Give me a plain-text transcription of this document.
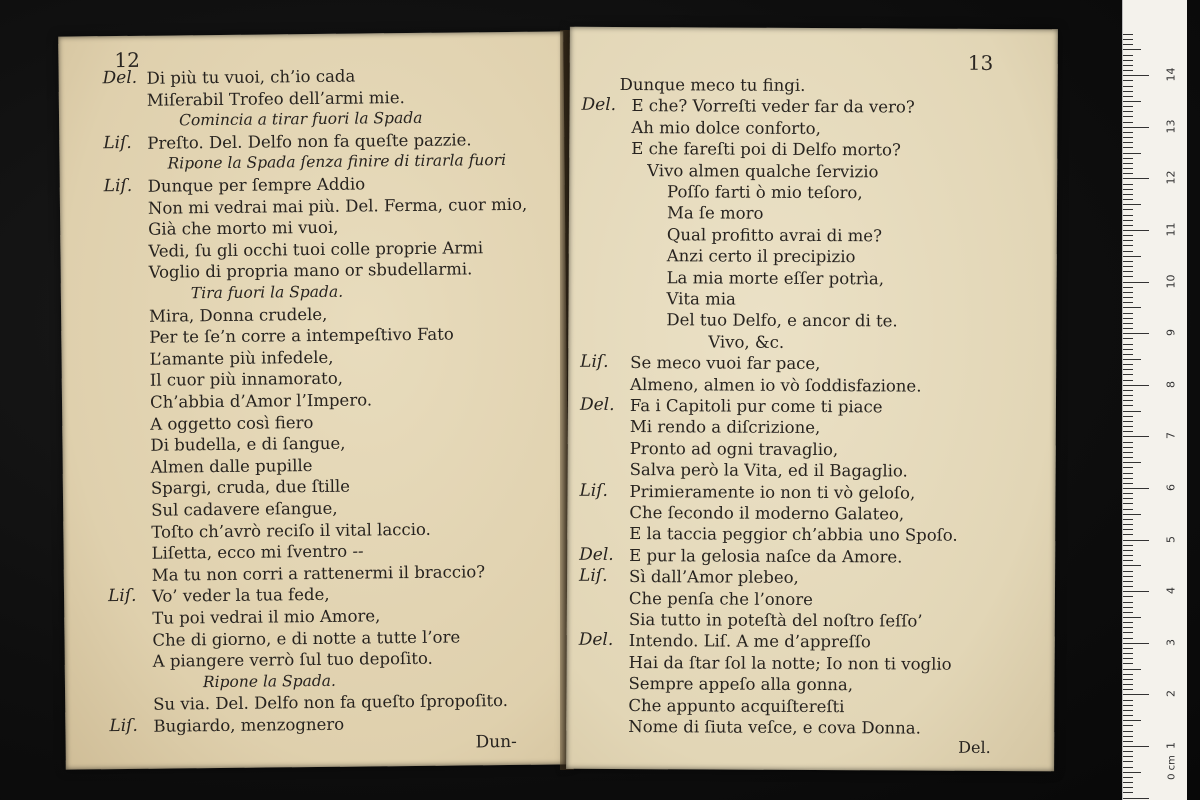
12
Del. Di più tu vuoi, ch’io cada
Miſerabil Trofeo dell’armi mie.
Comincia a tirar fuori la Spada
Liſ. Preſto. Del. Delfo non fa queſte pazzie.
Ripone la Spada ſenza finire di tirarla fuori
Liſ. Dunque per ſempre Addio
Non mi vedrai mai più. Del. Ferma, cuor mio,
Già che morto mi vuoi,
Vedi, ſu gli occhi tuoi colle proprie Armi
Voglio di propria mano or sbudellarmi.
Tira fuori la Spada.
Mira, Donna crudele,
Per te ſe’n corre a intempeſtivo Fato
L’amante più infedele,
Il cuor più innamorato,
Ch’abbia d’Amor l’Impero.
A oggetto così fiero
Di budella, e di ſangue,
Almen dalle pupille
Spargi, cruda, due ſtille
Sul cadavere eſangue,
Toſto ch’avrò reciſo il vital laccio.
Liſetta, ecco mi ſventro --
Ma tu non corri a rattenermi il braccio?
Liſ. Vo’ veder la tua fede,
Tu poi vedrai il mio Amore,
Che di giorno, e di notte a tutte l’ore
A piangere verrò ſul tuo depoſito.
Ripone la Spada.
Su via. Del. Delfo non fa queſto ſpropoſito.
Liſ. Bugiardo, menzognero
Dun-
13
Dunque meco tu fingi.
Del. E che? Vorreſti veder far da vero?
Ah mio dolce conforto,
E che fareſti poi di Delfo morto?
Vivo almen qualche ſervizio
Poſſo farti ò mio teſoro,
Ma ſe moro
Qual profitto avrai di me?
Anzi certo il precipizio
La mia morte eſſer potrìa,
Vita mia
Del tuo Delfo, e ancor di te.
Vivo, &c.
Liſ. Se meco vuoi far pace,
Almeno, almen io vò ſoddisfazione.
Del. Fa i Capitoli pur come ti piace
Mi rendo a diſcrizione,
Pronto ad ogni travaglio,
Salva però la Vita, ed il Bagaglio.
Liſ. Primieramente io non ti vò geloſo,
Che ſecondo il moderno Galateo,
E la taccia peggior ch’abbia uno Spoſo.
Del. E pur la gelosia naſce da Amore.
Liſ. Sì dall’Amor plebeo,
Che penſa che l’onore
Sia tutto in poteſtà del noſtro ſeſſo’
Del. Intendo. Liſ. A me d’appreſſo
Hai da ſtar ſol la notte; Io non ti voglio
Sempre appeſo alla gonna,
Che appunto acquiſtereſti
Nome di ſiuta veſce, e cova Donna.
Del.	1
2
3
4
5
6
7
8
9
10
11
12
13
14
0 cm
